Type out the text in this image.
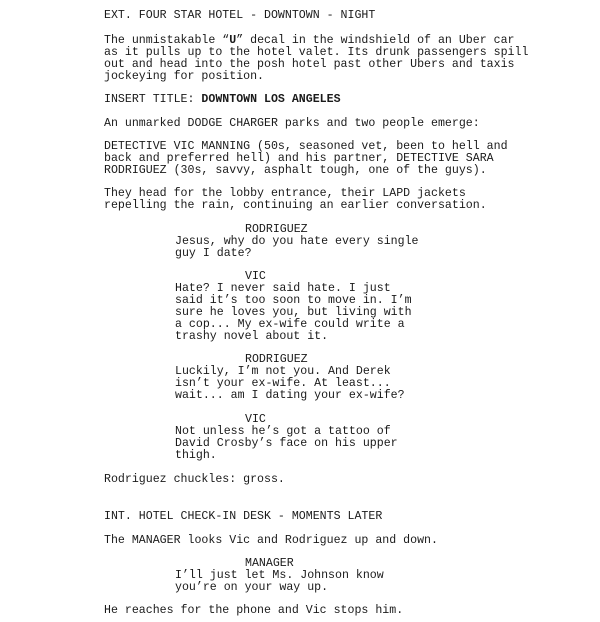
EXT. FOUR STAR HOTEL - DOWNTOWN - NIGHT

The unmistakable “U” decal in the windshield of an Uber car
as it pulls up to the hotel valet. Its drunk passengers spill
out and head into the posh hotel past other Ubers and taxis
jockeying for position.

INSERT TITLE: DOWNTOWN LOS ANGELES

An unmarked DODGE CHARGER parks and two people emerge:

DETECTIVE VIC MANNING (50s, seasoned vet, been to hell and
back and preferred hell) and his partner, DETECTIVE SARA
RODRIGUEZ (30s, savvy, asphalt tough, one of the guys).

They head for the lobby entrance, their LAPD jackets
repelling the rain, continuing an earlier conversation.

RODRIGUEZ

Jesus, why do you hate every single
guy I date?

VIC

Hate? I never said hate. I just
said it’s too soon to move in. I’m
sure he loves you, but living with
a cop... My ex-wife could write a
trashy novel about it.

RODRIGUEZ

Luckily, I’m not you. And Derek
isn’t your ex-wife. At least...
wait... am I dating your ex-wife?

VIC

Not unless he’s got a tattoo of
David Crosby’s face on his upper
thigh.

Rodriguez chuckles: gross.

INT. HOTEL CHECK-IN DESK - MOMENTS LATER

The MANAGER looks Vic and Rodriguez up and down.

MANAGER

I’ll just let Ms. Johnson know
you’re on your way up.

He reaches for the phone and Vic stops him.
